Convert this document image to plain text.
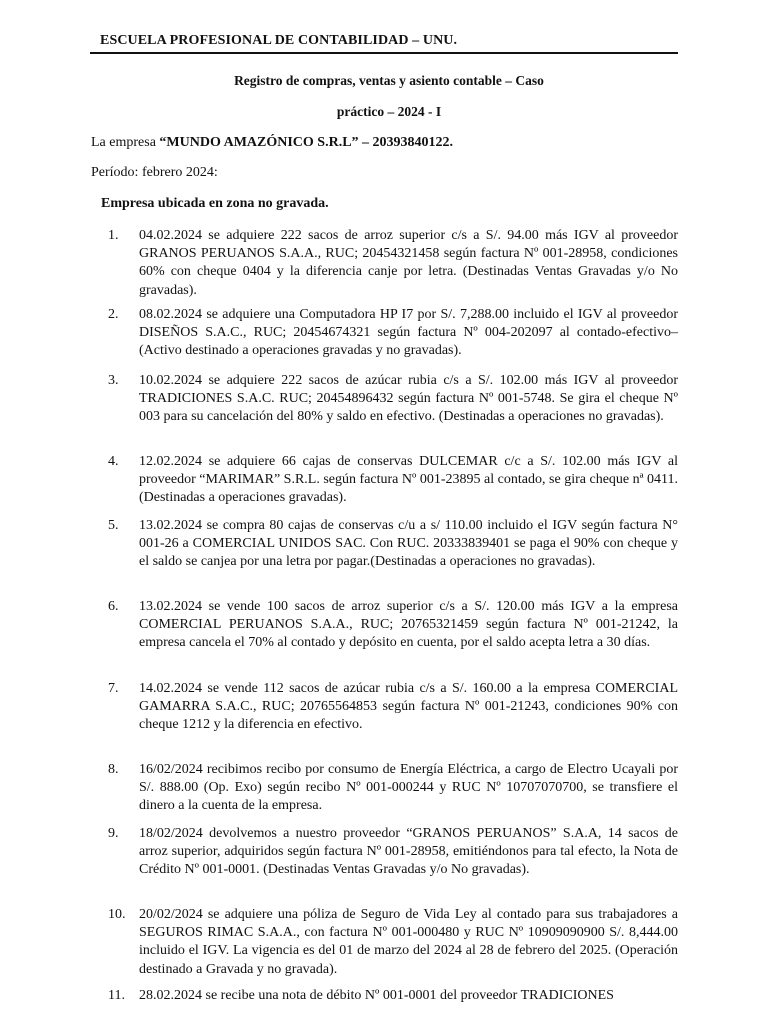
ESCUELA PROFESIONAL DE CONTABILIDAD – UNU.
Registro de compras, ventas y asiento contable – Caso
práctico – 2024 - I
La empresa “MUNDO AMAZÓNICO S.R.L” – 20393840122.
Período: febrero 2024:
Empresa ubicada en zona no gravada.
1.	04.02.2024 se adquiere 222 sacos de arroz superior c/s a S/. 94.00 más IGV al proveedor GRANOS PERUANOS S.A.A., RUC; 20454321458 según factura Nº 001-28958, condiciones 60% con cheque 0404 y la diferencia canje por letra. (Destinadas Ventas Gravadas y/o No gravadas).
2.	08.02.2024 se adquiere una Computadora HP I7 por S/. 7,288.00 incluido el IGV al proveedor DISEÑOS S.A.C., RUC; 20454674321 según factura Nº 004-202097 al contado-efectivo– (Activo destinado a operaciones gravadas y no gravadas).
3.	10.02.2024 se adquiere 222 sacos de azúcar rubia c/s a S/. 102.00 más IGV al proveedor TRADICIONES S.A.C. RUC; 20454896432 según factura Nº 001-5748. Se gira el cheque Nº 003 para su cancelación del 80% y saldo en efectivo. (Destinadas a operaciones no gravadas).
4.	12.02.2024 se adquiere 66 cajas de conservas DULCEMAR c/c a S/. 102.00 más IGV al proveedor “MARIMAR” S.R.L. según factura Nº 001-23895 al contado, se gira cheque nª 0411. (Destinadas a operaciones gravadas).
5.	13.02.2024 se compra 80 cajas de conservas c/u a s/ 110.00 incluido el IGV según factura N° 001-26 a COMERCIAL UNIDOS SAC. Con RUC. 20333839401 se paga el 90% con cheque y el saldo se canjea por una letra por pagar.(Destinadas a operaciones no gravadas).
6.	13.02.2024 se vende 100 sacos de arroz superior c/s a S/. 120.00 más IGV a la empresa COMERCIAL PERUANOS S.A.A., RUC; 20765321459 según factura Nº 001-21242, la empresa cancela el 70% al contado y depósito en cuenta, por el saldo acepta letra a 30 días.
7.	14.02.2024 se vende 112 sacos de azúcar rubia c/s a S/. 160.00 a la empresa COMERCIAL GAMARRA S.A.C., RUC; 20765564853 según factura Nº 001-21243, condiciones 90% con cheque 1212 y la diferencia en efectivo.
8.	16/02/2024 recibimos recibo por consumo de Energía Eléctrica, a cargo de Electro Ucayali por S/. 888.00 (Op. Exo) según recibo Nº 001-000244 y RUC Nº 10707070700, se transfiere el dinero a la cuenta de la empresa.
9.	18/02/2024 devolvemos a nuestro proveedor “GRANOS PERUANOS” S.A.A, 14 sacos de arroz superior, adquiridos según factura Nº 001-28958, emitiéndonos para tal efecto, la Nota de Crédito Nº 001-0001. (Destinadas Ventas Gravadas y/o No gravadas).
10. 20/02/2024 se adquiere una póliza de Seguro de Vida Ley al contado para sus trabajadores a SEGUROS RIMAC S.A.A., con factura Nº 001-000480 y RUC Nº 10909090900 S/. 8,444.00 incluido el IGV. La vigencia es del 01 de marzo del 2024 al 28 de febrero del 2025. (Operación destinado a Gravada y no gravada).
11.	28.02.2024 se recibe una nota de débito Nº 001-0001 del proveedor TRADICIONES
